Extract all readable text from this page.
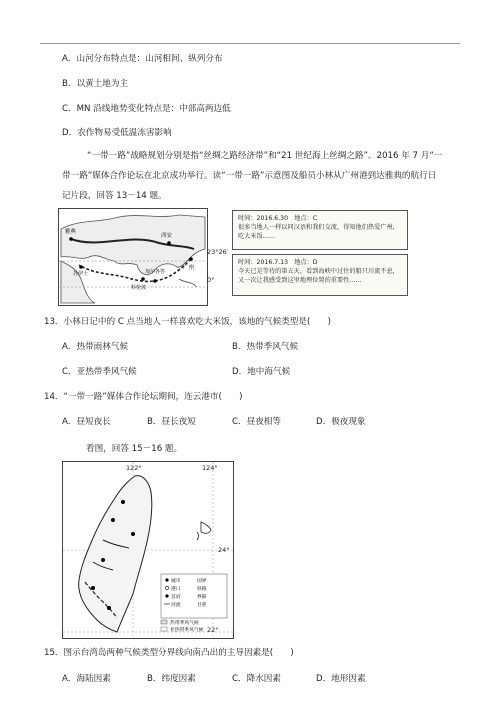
A．山河分布特点是：山河相间、纵列分布
B．以黄土地为主
C．MN 沿线地势变化特点是：中部高两边低
D．农作物易受低温冻害影响
“一带一路”战略规划分别是指“丝绸之路经济带”和“21 世纪海上丝绸之路”。2016 年 7 月“一
带一路”媒体合作论坛在北京成功举行。读“一带一路”示意图及船员小林从广州港到达雅典的航行日
记片段，回答 13－14 题。
雅典
西安
广州
科伦坡
加尔各答
苏伊士
23°26′
0°
时间：2016.6.30　地点：C
很多当地人一样以同汉语和我们交流，得知他们热爱广州，吃大米饭……
时间：2016.7.13　地点：D
今天已是等待的第五天，看到海峡中过往的船只川流不息，又一次让我感受到这里地理位置的重要性……
13．小林日记中的 C 点当地人一样喜欢吃大米饭，该地的气候类型是(　　)
A．热带雨林气候	B．热带季风气候
C．亚热带季风气候	D．地中海气候
14．“一带一路”媒体合作论坛期间，连云港市(　　)
A．昼短夜长	B．昼长夜短	C．昼夜相等	D．极夜现象
看图，回答 15－16 题。
城市
港口
首府
河流
国界
铁路
界限
甘蔗
热带季风气候
亚热带季风气候
122°	124°
24°
22°
15．图示台湾岛两种气候类型分界线向南凸出的主导因素是(　　)
A．海陆因素	B．纬度因素	C．降水因素	D．地形因素
